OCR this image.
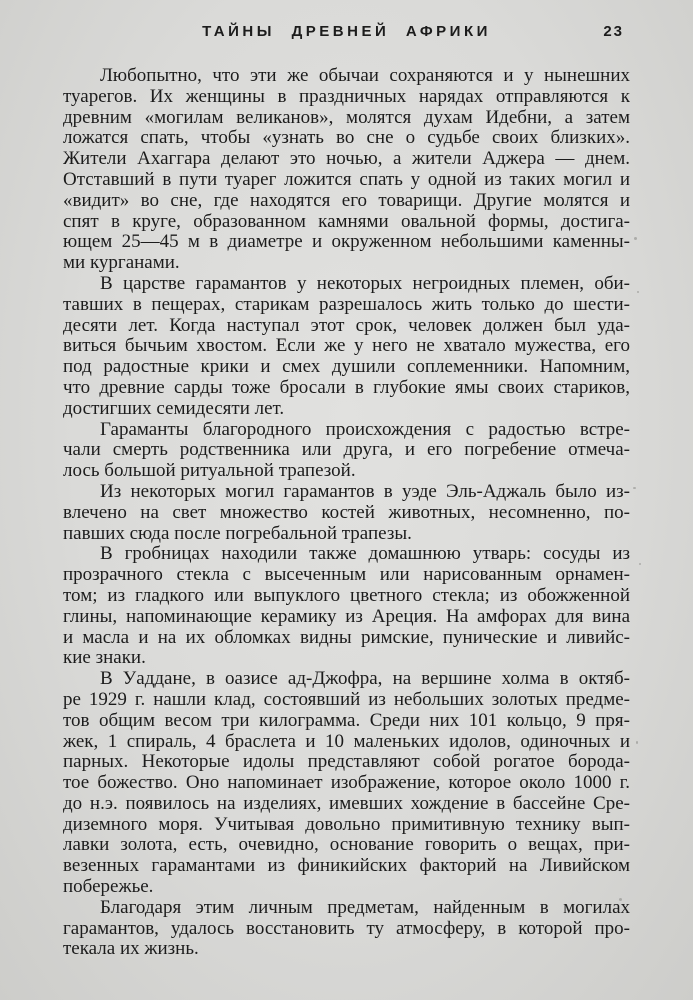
ТАЙНЫ ДРЕВНЕЙ АФРИКИ	23
Любопытно, что эти же обычаи сохраняются и у нынешних
туарегов. Их женщины в праздничных нарядах отправляются к
древним «могилам великанов», молятся духам Идебни, а затем
ложатся спать, чтобы «узнать во сне о судьбе своих близких».
Жители Ахаггара делают это ночью, а жители Аджера — днем.
Отставший в пути туарег ложится спать у одной из таких могил и
«видит» во сне, где находятся его товарищи. Другие молятся и
спят в круге, образованном камнями овальной формы, достига-
ющем 25—45 м в диаметре и окруженном небольшими каменны-
ми курганами.
В царстве гарамантов у некоторых негроидных племен, оби-
тавших в пещерах, старикам разрешалось жить только до шести-
десяти лет. Когда наступал этот срок, человек должен был уда-
виться бычьим хвостом. Если же у него не хватало мужества, его
под радостные крики и смех душили соплеменники. Напомним,
что древние сарды тоже бросали в глубокие ямы своих стариков,
достигших семидесяти лет.
Гараманты благородного происхождения с радостью встре-
чали смерть родственника или друга, и его погребение отмеча-
лось большой ритуальной трапезой.
Из некоторых могил гарамантов в уэде Эль-Аджаль было из-
влечено на свет множество костей животных, несомненно, по-
павших сюда после погребальной трапезы.
В гробницах находили также домашнюю утварь: сосуды из
прозрачного стекла с высеченным или нарисованным орнамен-
том; из гладкого или выпуклого цветного стекла; из обожженной
глины, напоминающие керамику из Ареция. На амфорах для вина
и масла и на их обломках видны римские, пунические и ливийс-
кие знаки.
В Уаддане, в оазисе ад-Джофра, на вершине холма в октяб-
ре 1929 г. нашли клад, состоявший из небольших золотых предме-
тов общим весом три килограмма. Среди них 101 кольцо, 9 пря-
жек, 1 спираль, 4 браслета и 10 маленьких идолов, одиночных и
парных. Некоторые идолы представляют собой рогатое борода-
тое божество. Оно напоминает изображение, которое около 1000 г.
до н.э. появилось на изделиях, имевших хождение в бассейне Сре-
диземного моря. Учитывая довольно примитивную технику вып-
лавки золота, есть, очевидно, основание говорить о вещах, при-
везенных гарамантами из финикийских факторий на Ливийском
побережье.
Благодаря этим личным предметам, найденным в могилах
гарамантов, удалось восстановить ту атмосферу, в которой про-
текала их жизнь.
